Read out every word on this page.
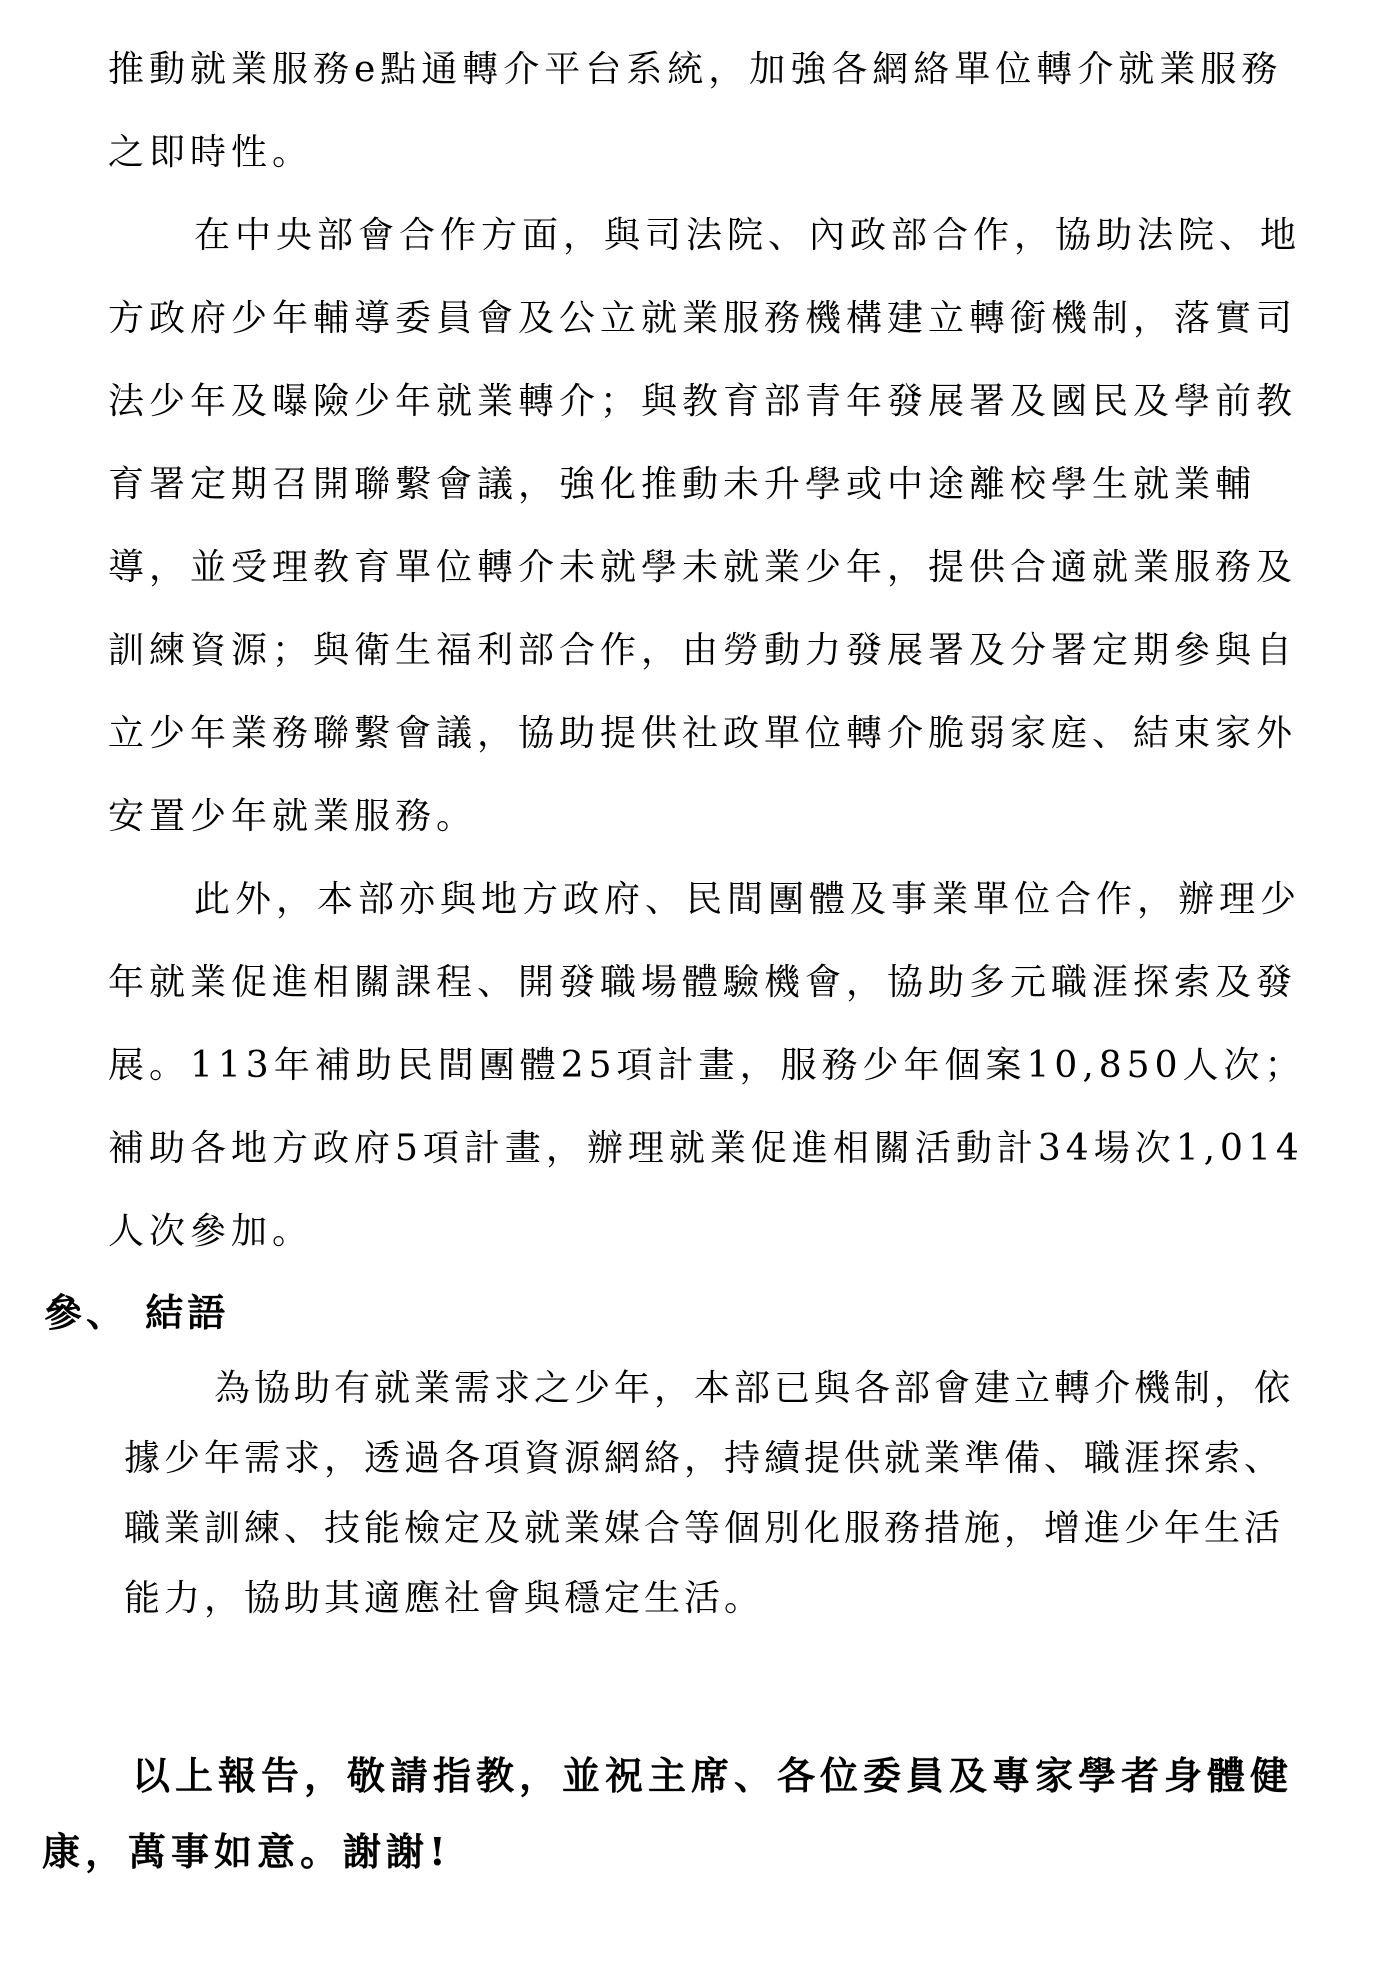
推動就業服務e點通轉介平台系統，加強各網絡單位轉介就業服務之即時性。

在中央部會合作方面，與司法院、內政部合作，協助法院、地方政府少年輔導委員會及公立就業服務機構建立轉銜機制，落實司法少年及曝險少年就業轉介；與教育部青年發展署及國民及學前教育署定期召開聯繫會議，強化推動未升學或中途離校學生就業輔導，並受理教育單位轉介未就學未就業少年，提供合適就業服務及訓練資源；與衛生福利部合作，由勞動力發展署及分署定期參與自立少年業務聯繫會議，協助提供社政單位轉介脆弱家庭、結束家外安置少年就業服務。

此外，本部亦與地方政府、民間團體及事業單位合作，辦理少年就業促進相關課程、開發職場體驗機會，協助多元職涯探索及發展。113年補助民間團體25項計畫，服務少年個案10,850人次；補助各地方政府5項計畫，辦理就業促進相關活動計34場次1,014人次參加。

參、 結語

為協助有就業需求之少年，本部已與各部會建立轉介機制，依據少年需求，透過各項資源網絡，持續提供就業準備、職涯探索、職業訓練、技能檢定及就業媒合等個別化服務措施，增進少年生活能力，協助其適應社會與穩定生活。

以上報告，敬請指教，並祝主席、各位委員及專家學者身體健康，萬事如意。謝謝!
